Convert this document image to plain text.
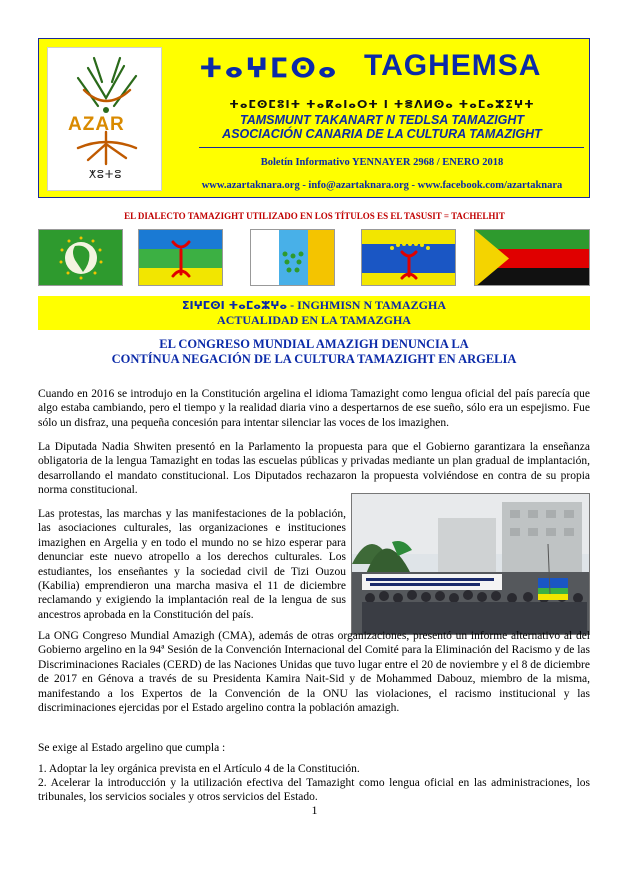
AZAR
ⵅⵓⵜⵓ
ⵜⴰⵖⵎⵙⴰ TAGHEMSA
ⵜⴰⵎⵙⵎⵓⵏⵜ ⵜⴰⴽⴰⵏⴰⵔⵜ ⵏ ⵜⴻⴷⵍⵙⴰ ⵜⴰⵎⴰⵣⵉⵖⵜ
TAMSMUNT TAKANART N TEDLSA TAMAZIGHT
ASOCIACIÓN CANARIA DE LA CULTURA TAMAZIGHT
Boletín Informativo YENNAYER 2968 / ENERO 2018
www.azartaknara.org - info@azartaknara.org - www.facebook.com/azartaknara
EL DIALECTO TAMAZIGHT UTILIZADO EN LOS TÍTULOS ES EL TASUSIT = TACHELHIT
ⵉⵏⵖⵎⵙⵏ ⵜⴰⵎⴰⵣⵖⴰ - INGHMISN N TAMAZGHA
ACTUALIDAD EN LA TAMAZGHA
EL CONGRESO MUNDIAL AMAZIGH DENUNCIA LA
CONTÍNUA NEGACIÓN DE LA CULTURA TAMAZIGHT EN ARGELIA
Cuando en 2016 se introdujo en la Constitución argelina el idioma Tamazight como lengua oficial del país parecía que algo estaba cambiando, pero el tiempo y la realidad diaria vino a despertarnos de ese sueño, sólo era un espejismo. Fue sólo un disfraz, una pequeña concesión para intentar silenciar las voces de los imazighen.
La Diputada Nadia Shwiten presentó en la Parlamento la propuesta para que el Gobierno garantizara la enseñanza obligatoria de la lengua Tamazight en todas las escuelas públicas y privadas mediante un plan gradual de implantación, desarrollando el mandato constitucional. Los Diputados rechazaron la propuesta volviéndose en contra de su propia norma constitucional.
Las protestas, las marchas y las manifestaciones de la población, las asociaciones culturales, las organizaciones e instituciones imazighen en Argelia y en todo el mundo no se hizo esperar para denunciar este nuevo atropello a los derechos culturales. Los estudiantes, los enseñantes y la sociedad civil de Tizi Ouzou (Kabilia) emprendieron una marcha masiva el 11 de diciembre reclamando y exigiendo la implantación real de la lengua de sus ancestros aprobada en la Constitución del país.
La ONG Congreso Mundial Amazigh (CMA), además de otras organizaciones, presentó un informe alternativo al del Gobierno argelino en la 94ª Sesión de la Convención Internacional del Comité para la Eliminación del Racismo y de las Discriminaciones Raciales (CERD) de las Naciones Unidas que tuvo lugar entre el 20 de noviembre y el 8 de diciembre de 2017 en Génova a través de su Presidenta Kamira Nait-Sid y de Mohammed Dabouz, miembro de la misma, manifestando a los Expertos de la Convención de la ONU las violaciones, el racismo institucional y las discriminaciones ejercidas por el Estado argelino contra la población amazigh.
Se exige al Estado argelino que cumpla :
1. Adoptar la ley orgánica prevista en el Artículo 4 de la Constitución.
2. Acelerar la introducción y la utilización efectiva del Tamazight como lengua oficial en las administraciones, los tribunales, los servicios sociales y otros servicios del Estado.
1
